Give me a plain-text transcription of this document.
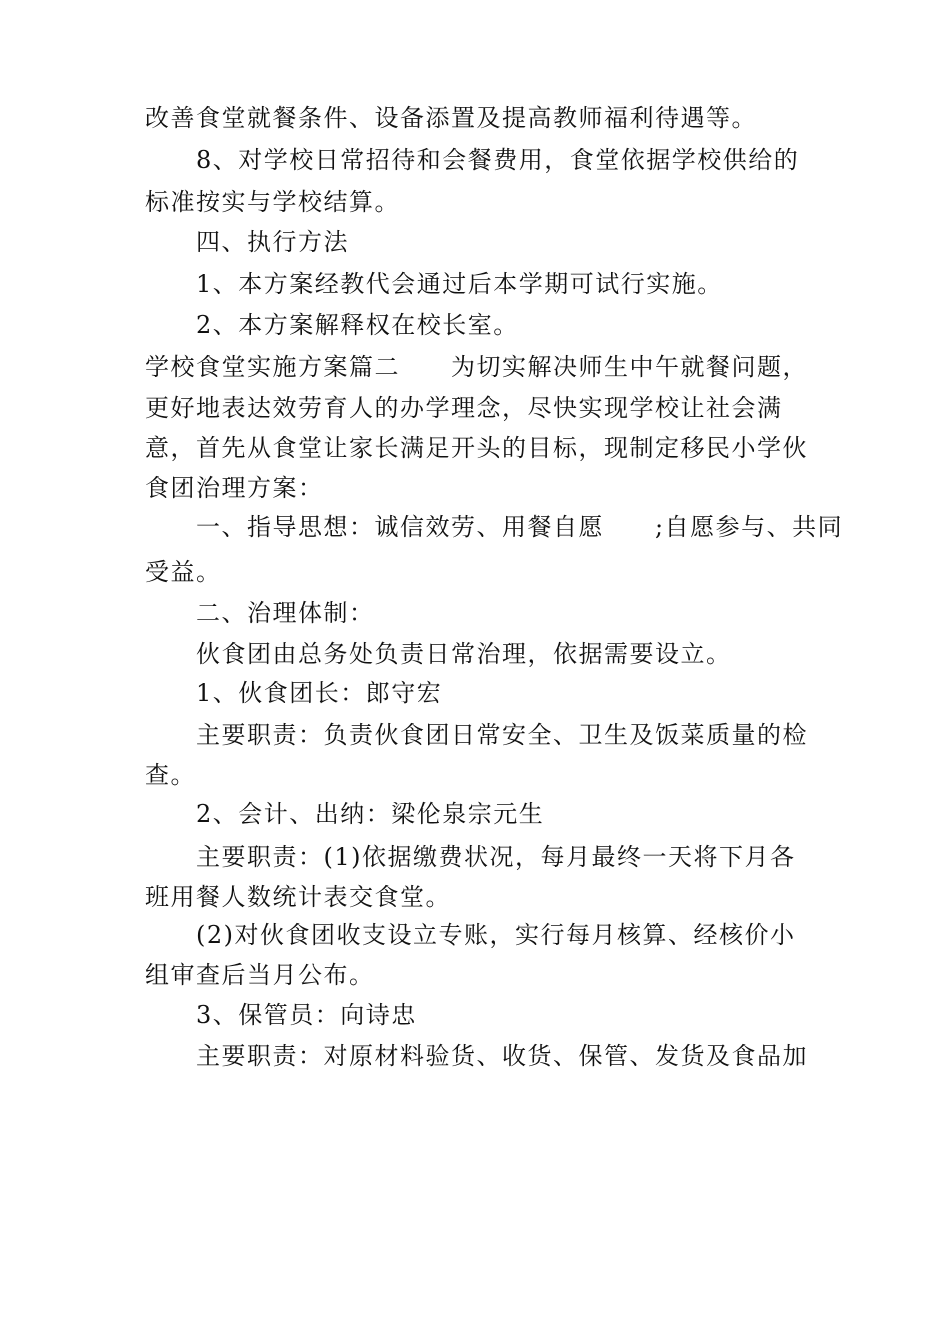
改善食堂就餐条件、设备添置及提高教师福利待遇等。
8、对学校日常招待和会餐费用，食堂依据学校供给的
标准按实与学校结算。
四、执行方法
1、本方案经教代会通过后本学期可试行实施。
2、本方案解释权在校长室。
学校食堂实施方案篇二　　为切实解决师生中午就餐问题，
更好地表达效劳育人的办学理念，尽快实现学校让社会满
意，首先从食堂让家长满足开头的目标，现制定移民小学伙
食团治理方案：
一、指导思想：诚信效劳、用餐自愿　　;自愿参与、共同
受益。
二、治理体制：
伙食团由总务处负责日常治理，依据需要设立。
1、伙食团长：郎守宏
主要职责：负责伙食团日常安全、卫生及饭菜质量的检
查。
2、会计、出纳：梁伦泉宗元生
主要职责：(1)依据缴费状况，每月最终一天将下月各
班用餐人数统计表交食堂。
(2)对伙食团收支设立专账，实行每月核算、经核价小
组审查后当月公布。
3、保管员：向诗忠
主要职责：对原材料验货、收货、保管、发货及食品加
